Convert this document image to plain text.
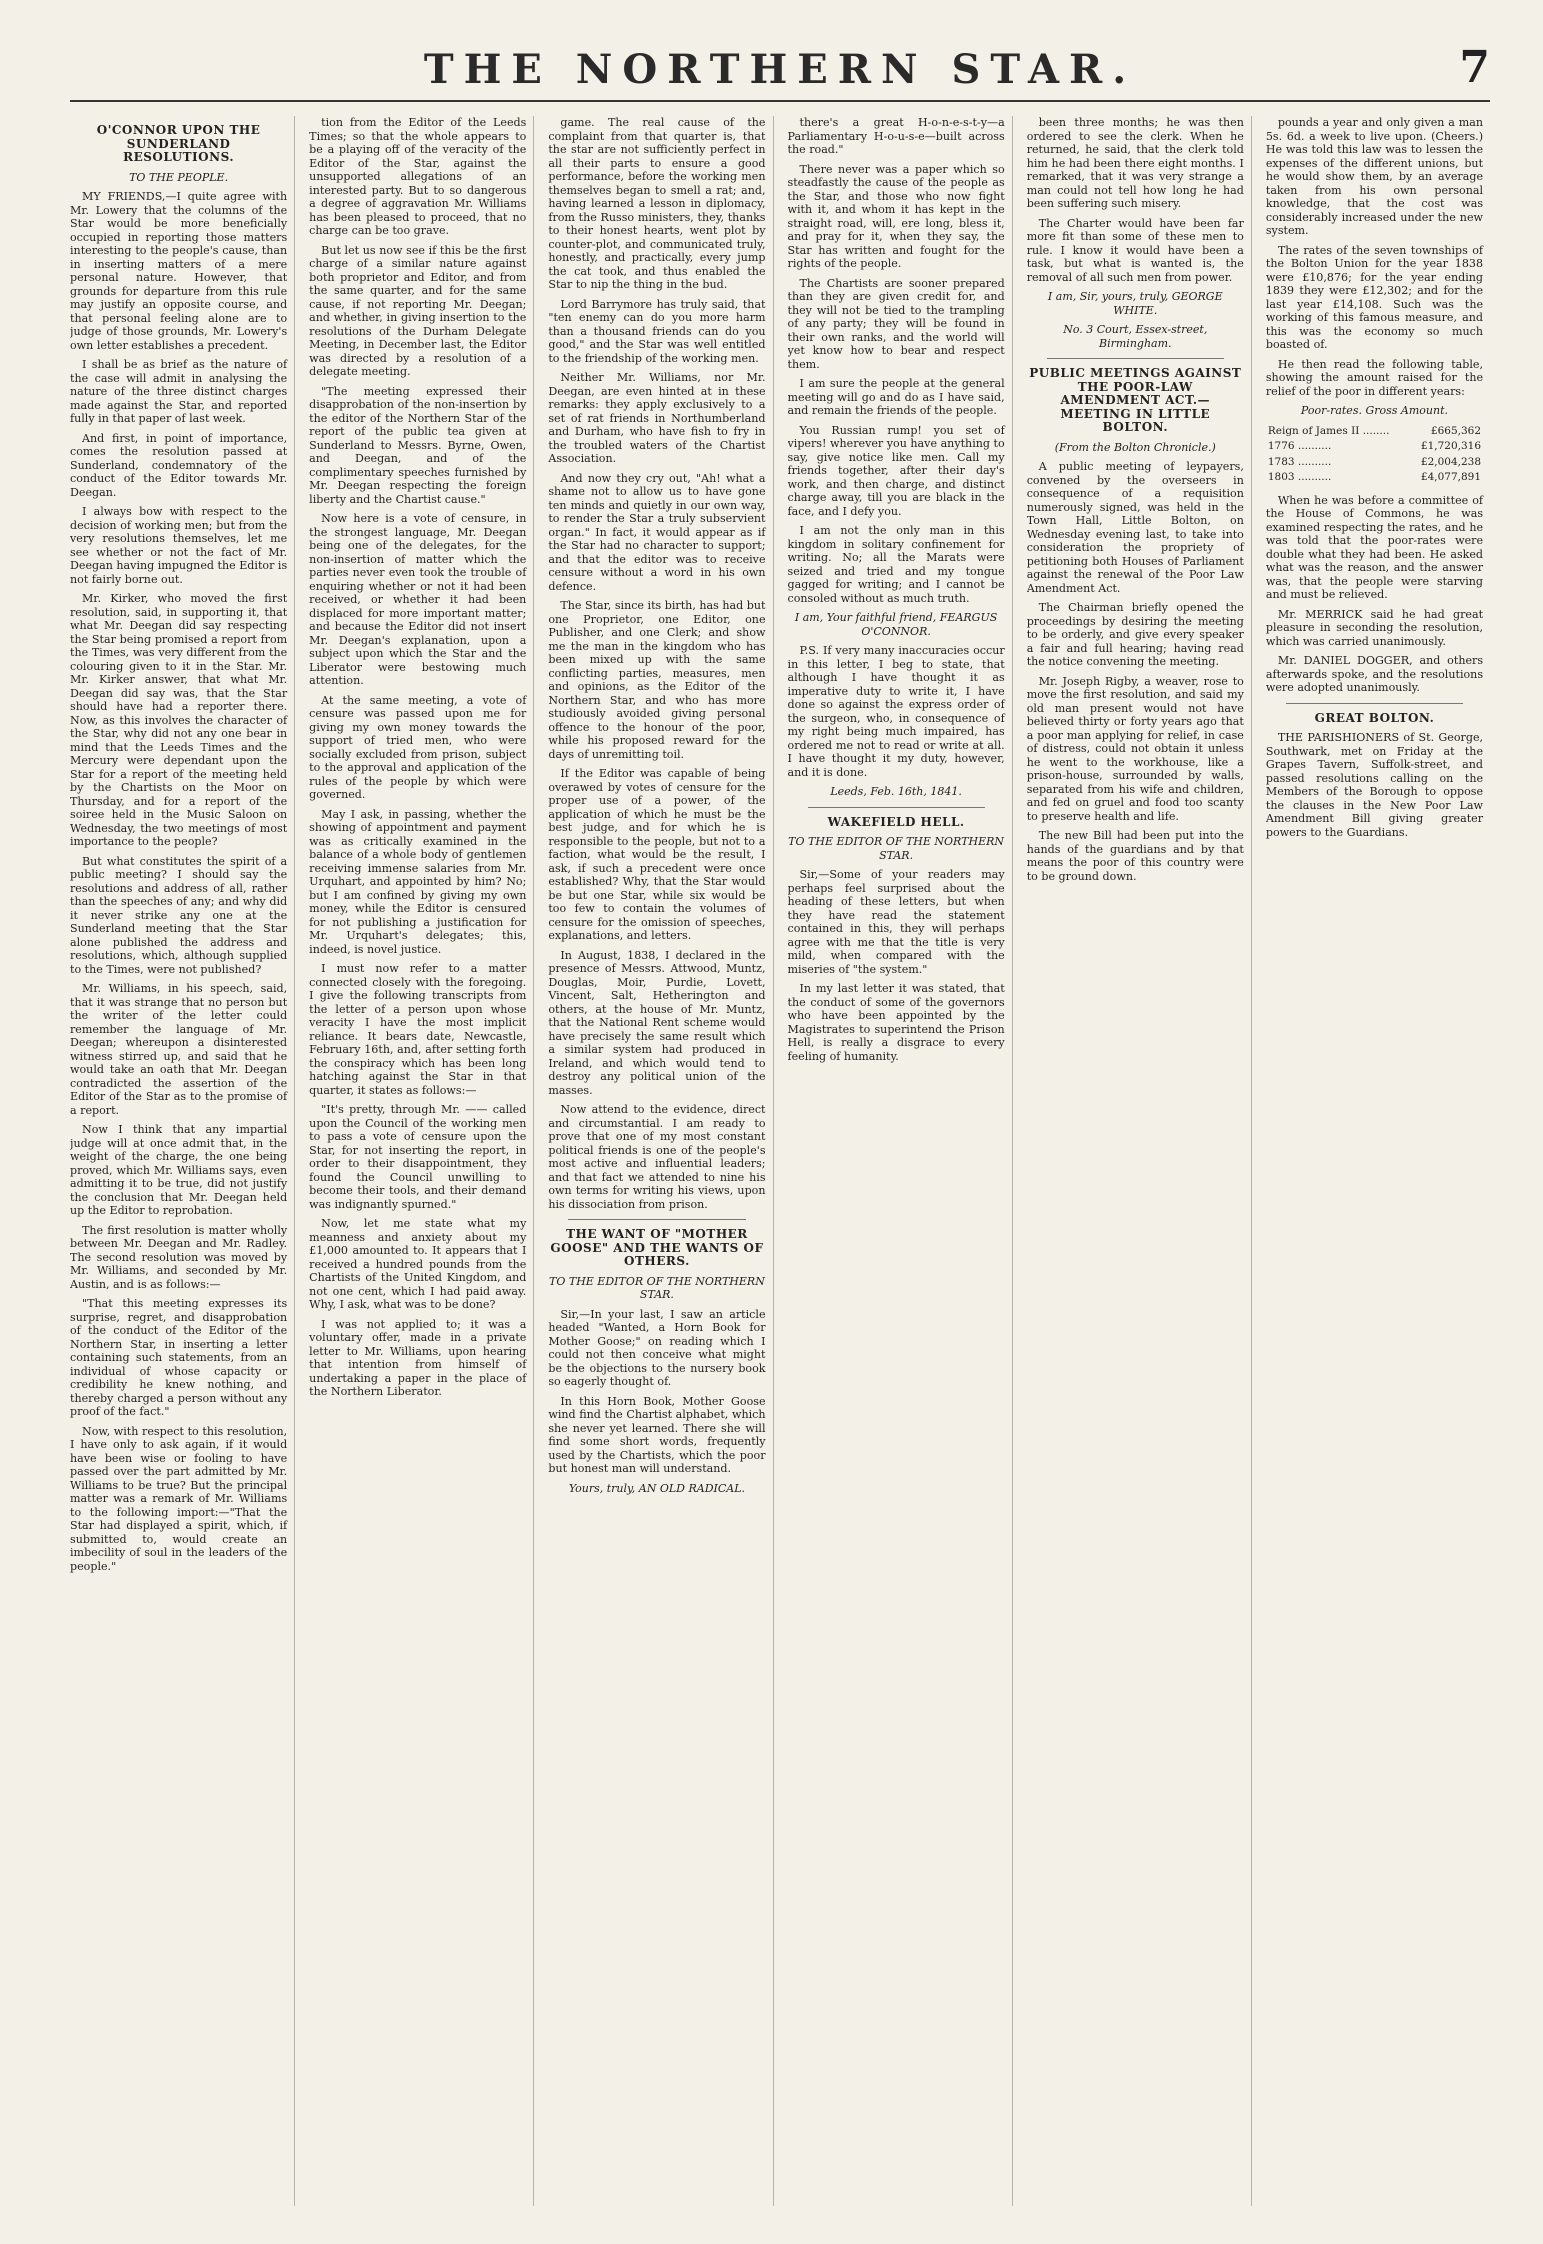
THE NORTHERN STAR.	7
O'CONNOR UPON THE SUNDERLAND RESOLUTIONS.
TO THE PEOPLE.

MY FRIENDS,—I quite agree with Mr. Lowery that the columns of the Star would be more beneficially occupied in reporting those matters interesting to the people's cause, than in inserting matters of a mere personal nature. However, that grounds for departure from this rule may justify an opposite course, and that personal feeling alone are to judge of those grounds, Mr. Lowery's own letter establishes a precedent.

I shall be as brief as the nature of the case will admit in analysing the nature of the three distinct charges made against the Star, and reported fully in that paper of last week.

And first, in point of importance, comes the resolution passed at Sunderland, condemnatory of the conduct of the Editor towards Mr. Deegan.

I always bow with respect to the decision of working men; but from the very resolutions themselves, let me see whether or not the fact of Mr. Deegan having impugned the Editor is not fairly borne out.

Mr. Kirker, who moved the first resolution, said, in supporting it, that what Mr. Deegan did say respecting the Star being promised a report from the Times, was very different from the colouring given to it in the Star. Mr. Mr. Kirker answer, that what Mr. Deegan did say was, that the Star should have had a reporter there. Now, as this involves the character of the Star, why did not any one bear in mind that the Leeds Times and the Mercury were dependant upon the Star for a report of the meeting held by the Chartists on the Moor on Thursday, and for a report of the soiree held in the Music Saloon on Wednesday, the two meetings of most importance to the people?

But what constitutes the spirit of a public meeting? I should say the resolutions and address of all, rather than the speeches of any; and why did it never strike any one at the Sunderland meeting that the Star alone published the address and resolutions, which, although supplied to the Times, were not published?

Mr. Williams, in his speech, said, that it was strange that no person but the writer of the letter could remember the language of Mr. Deegan; whereupon a disinterested witness stirred up, and said that he would take an oath that Mr. Deegan contradicted the assertion of the Editor of the Star as to the promise of a report.

Now I think that any impartial judge will at once admit that, in the weight of the charge, the one being proved, which Mr. Williams says, even admitting it to be true, did not justify the conclusion that Mr. Deegan held up the Editor to reprobation.

The first resolution is matter wholly between Mr. Deegan and Mr. Radley. The second resolution was moved by Mr. Williams, and seconded by Mr. Austin, and is as follows:—

"That this meeting expresses its surprise, regret, and disapprobation of the conduct of the Editor of the Northern Star, in inserting a letter containing such statements, from an individual of whose capacity or credibility he knew nothing, and thereby charged a person without any proof of the fact."

Now, with respect to this resolution, I have only to ask again, if it would have been wise or fooling to have passed over the part admitted by Mr. Williams to be true? But the principal matter was a remark of Mr. Williams to the following import:—"That the Star had displayed a spirit, which, if submitted to, would create an imbecility of soul in the leaders of the people."

tion from the Editor of the Leeds Times; so that the whole appears to be a playing off of the veracity of the Editor of the Star, against the unsupported allegations of an interested party. But to so dangerous a degree of aggravation Mr. Williams has been pleased to proceed, that no charge can be too grave.

But let us now see if this be the first charge of a similar nature against both proprietor and Editor, and from the same quarter, and for the same cause, if not reporting Mr. Deegan; and whether, in giving insertion to the resolutions of the Durham Delegate Meeting, in December last, the Editor was directed by a resolution of a delegate meeting.

"The meeting expressed their disapprobation of the non-insertion by the editor of the Northern Star of the report of the public tea given at Sunderland to Messrs. Byrne, Owen, and Deegan, and of the complimentary speeches furnished by Mr. Deegan respecting the foreign liberty and the Chartist cause."

Now here is a vote of censure, in the strongest language, Mr. Deegan being one of the delegates, for the non-insertion of matter which the parties never even took the trouble of enquiring whether or not it had been received, or whether it had been displaced for more important matter; and because the Editor did not insert Mr. Deegan's explanation, upon a subject upon which the Star and the Liberator were bestowing much attention.

At the same meeting, a vote of censure was passed upon me for giving my own money towards the support of tried men, who were socially excluded from prison, subject to the approval and application of the rules of the people by which were governed.

May I ask, in passing, whether the showing of appointment and payment was as critically examined in the balance of a whole body of gentlemen receiving immense salaries from Mr. Urquhart, and appointed by him? No; but I am confined by giving my own money, while the Editor is censured for not publishing a justification for Mr. Urquhart's delegates; this, indeed, is novel justice.

I must now refer to a matter connected closely with the foregoing. I give the following transcripts from the letter of a person upon whose veracity I have the most implicit reliance. It bears date, Newcastle, February 16th, and, after setting forth the conspiracy which has been long hatching against the Star in that quarter, it states as follows:—

"It's pretty, through Mr. —— called upon the Council of the working men to pass a vote of censure upon the Star, for not inserting the report, in order to their disappointment, they found the Council unwilling to become their tools, and their demand was indignantly spurned."

Now, let me state what my meanness and anxiety about my £1,000 amounted to. It appears that I received a hundred pounds from the Chartists of the United Kingdom, and not one cent, which I had paid away. Why, I ask, what was to be done?

I was not applied to; it was a voluntary offer, made in a private letter to Mr. Williams, upon hearing that intention from himself of undertaking a paper in the place of the Northern Liberator.

game. The real cause of the complaint from that quarter is, that the star are not sufficiently perfect in all their parts to ensure a good performance, before the working men themselves began to smell a rat; and, having learned a lesson in diplomacy, from the Russo ministers, they, thanks to their honest hearts, went plot by counter-plot, and communicated truly, honestly, and practically, every jump the cat took, and thus enabled the Star to nip the thing in the bud.

Lord Barrymore has truly said, that "ten enemy can do you more harm than a thousand friends can do you good," and the Star was well entitled to the friendship of the working men.

Neither Mr. Williams, nor Mr. Deegan, are even hinted at in these remarks: they apply exclusively to a set of rat friends in Northumberland and Durham, who have fish to fry in the troubled waters of the Chartist Association.

And now they cry out, "Ah! what a shame not to allow us to have gone ten minds and quietly in our own way, to render the Star a truly subservient organ." In fact, it would appear as if the Star had no character to support; and that the editor was to receive censure without a word in his own defence.

The Star, since its birth, has had but one Proprietor, one Editor, one Publisher, and one Clerk; and show me the man in the kingdom who has been mixed up with the same conflicting parties, measures, men and opinions, as the Editor of the Northern Star, and who has more studiously avoided giving personal offence to the honour of the poor, while his proposed reward for the days of unremitting toil.

If the Editor was capable of being overawed by votes of censure for the proper use of a power, of the application of which he must be the best judge, and for which he is responsible to the people, but not to a faction, what would be the result, I ask, if such a precedent were once established? Why, that the Star would be but one Star, while six would be too few to contain the volumes of censure for the omission of speeches, explanations, and letters.

In August, 1838, I declared in the presence of Messrs. Attwood, Muntz, Douglas, Moir, Purdie, Lovett, Vincent, Salt, Hetherington and others, at the house of Mr. Muntz, that the National Rent scheme would have precisely the same result which a similar system had produced in Ireland, and which would tend to destroy any political union of the masses.

Now attend to the evidence, direct and circumstantial. I am ready to prove that one of my most constant political friends is one of the people's most active and influential leaders; and that fact we attended to nine his own terms for writing his views, upon his dissociation from prison.

THE WANT OF "MOTHER GOOSE" AND THE WANTS OF OTHERS.
TO THE EDITOR OF THE NORTHERN STAR.

Sir,—In your last, I saw an article headed "Wanted, a Horn Book for Mother Goose;" on reading which I could not then conceive what might be the objections to the nursery book so eagerly thought of.

In this Horn Book, Mother Goose wind find the Chartist alphabet, which she never yet learned. There she will find some short words, frequently used by the Chartists, which the poor but honest man will understand.

Yours, truly, AN OLD RADICAL.

there's a great H-o-n-e-s-t-y—a Parliamentary H-o-u-s-e—built across the road."

There never was a paper which so steadfastly the cause of the people as the Star, and those who now fight with it, and whom it has kept in the straight road, will, ere long, bless it, and pray for it, when they say, the Star has written and fought for the rights of the people.

The Chartists are sooner prepared than they are given credit for, and they will not be tied to the trampling of any party; they will be found in their own ranks, and the world will yet know how to bear and respect them.

I am sure the people at the general meeting will go and do as I have said, and remain the friends of the people.

You Russian rump! you set of vipers! wherever you have anything to say, give notice like men. Call my friends together, after their day's work, and then charge, and distinct charge away, till you are black in the face, and I defy you.

I am not the only man in this kingdom in solitary confinement for writing. No; all the Marats were seized and tried and my tongue gagged for writing; and I cannot be consoled without as much truth.

I am, Your faithful friend, FEARGUS O'CONNOR.

P.S. If very many inaccuracies occur in this letter, I beg to state, that although I have thought it as imperative duty to write it, I have done so against the express order of the surgeon, who, in consequence of my right being much impaired, has ordered me not to read or write at all. I have thought it my duty, however, and it is done.

Leeds, Feb. 16th, 1841.
WAKEFIELD HELL.
TO THE EDITOR OF THE NORTHERN STAR.

Sir,—Some of your readers may perhaps feel surprised about the heading of these letters, but when they have read the statement contained in this, they will perhaps agree with me that the title is very mild, when compared with the miseries of "the system."

In my last letter it was stated, that the conduct of some of the governors who have been appointed by the Magistrates to superintend the Prison Hell, is really a disgrace to every feeling of humanity.

been three months; he was then ordered to see the clerk. When he returned, he said, that the clerk told him he had been there eight months. I remarked, that it was very strange a man could not tell how long he had been suffering such misery.

The Charter would have been far more fit than some of these men to rule. I know it would have been a task, but what is wanted is, the removal of all such men from power.

I am, Sir, yours, truly, GEORGE WHITE.
No. 3 Court, Essex-street, Birmingham.
PUBLIC MEETINGS AGAINST THE POOR-LAW AMENDMENT ACT.—MEETING IN LITTLE BOLTON.
(From the Bolton Chronicle.)

A public meeting of leypayers, convened by the overseers in consequence of a requisition numerously signed, was held in the Town Hall, Little Bolton, on Wednesday evening last, to take into consideration the propriety of petitioning both Houses of Parliament against the renewal of the Poor Law Amendment Act.

The Chairman briefly opened the proceedings by desiring the meeting to be orderly, and give every speaker a fair and full hearing; having read the notice convening the meeting.

Mr. Joseph Rigby, a weaver, rose to move the first resolution, and said my old man present would not have believed thirty or forty years ago that a poor man applying for relief, in case of distress, could not obtain it unless he went to the workhouse, like a prison-house, surrounded by walls, separated from his wife and children, and fed on gruel and food too scanty to preserve health and life.

The new Bill had been put into the hands of the guardians and by that means the poor of this country were to be ground down.

pounds a year and only given a man 5s. 6d. a week to live upon. (Cheers.) He was told this law was to lessen the expenses of the different unions, but he would show them, by an average taken from his own personal knowledge, that the cost was considerably increased under the new system.

The rates of the seven townships of the Bolton Union for the year 1838 were £10,876; for the year ending 1839 they were £12,302; and for the last year £14,108. Such was the working of this famous measure, and this was the economy so much boasted of.

He then read the following table, showing the amount raised for the relief of the poor in different years:

Poor-rates. Gross Amount.
Reign of James II ........	£665,362
1776 ..........	£1,720,316
1783 ..........	£2,004,238
1803 ..........	£4,077,891

When he was before a committee of the House of Commons, he was examined respecting the rates, and he was told that the poor-rates were double what they had been. He asked what was the reason, and the answer was, that the people were starving and must be relieved.

Mr. MERRICK said he had great pleasure in seconding the resolution, which was carried unanimously.

Mr. DANIEL DOGGER, and others afterwards spoke, and the resolutions were adopted unanimously.

GREAT BOLTON.

THE PARISHIONERS of St. George, Southwark, met on Friday at the Grapes Tavern, Suffolk-street, and passed resolutions calling on the Members of the Borough to oppose the clauses in the New Poor Law Amendment Bill giving greater powers to the Guardians.
